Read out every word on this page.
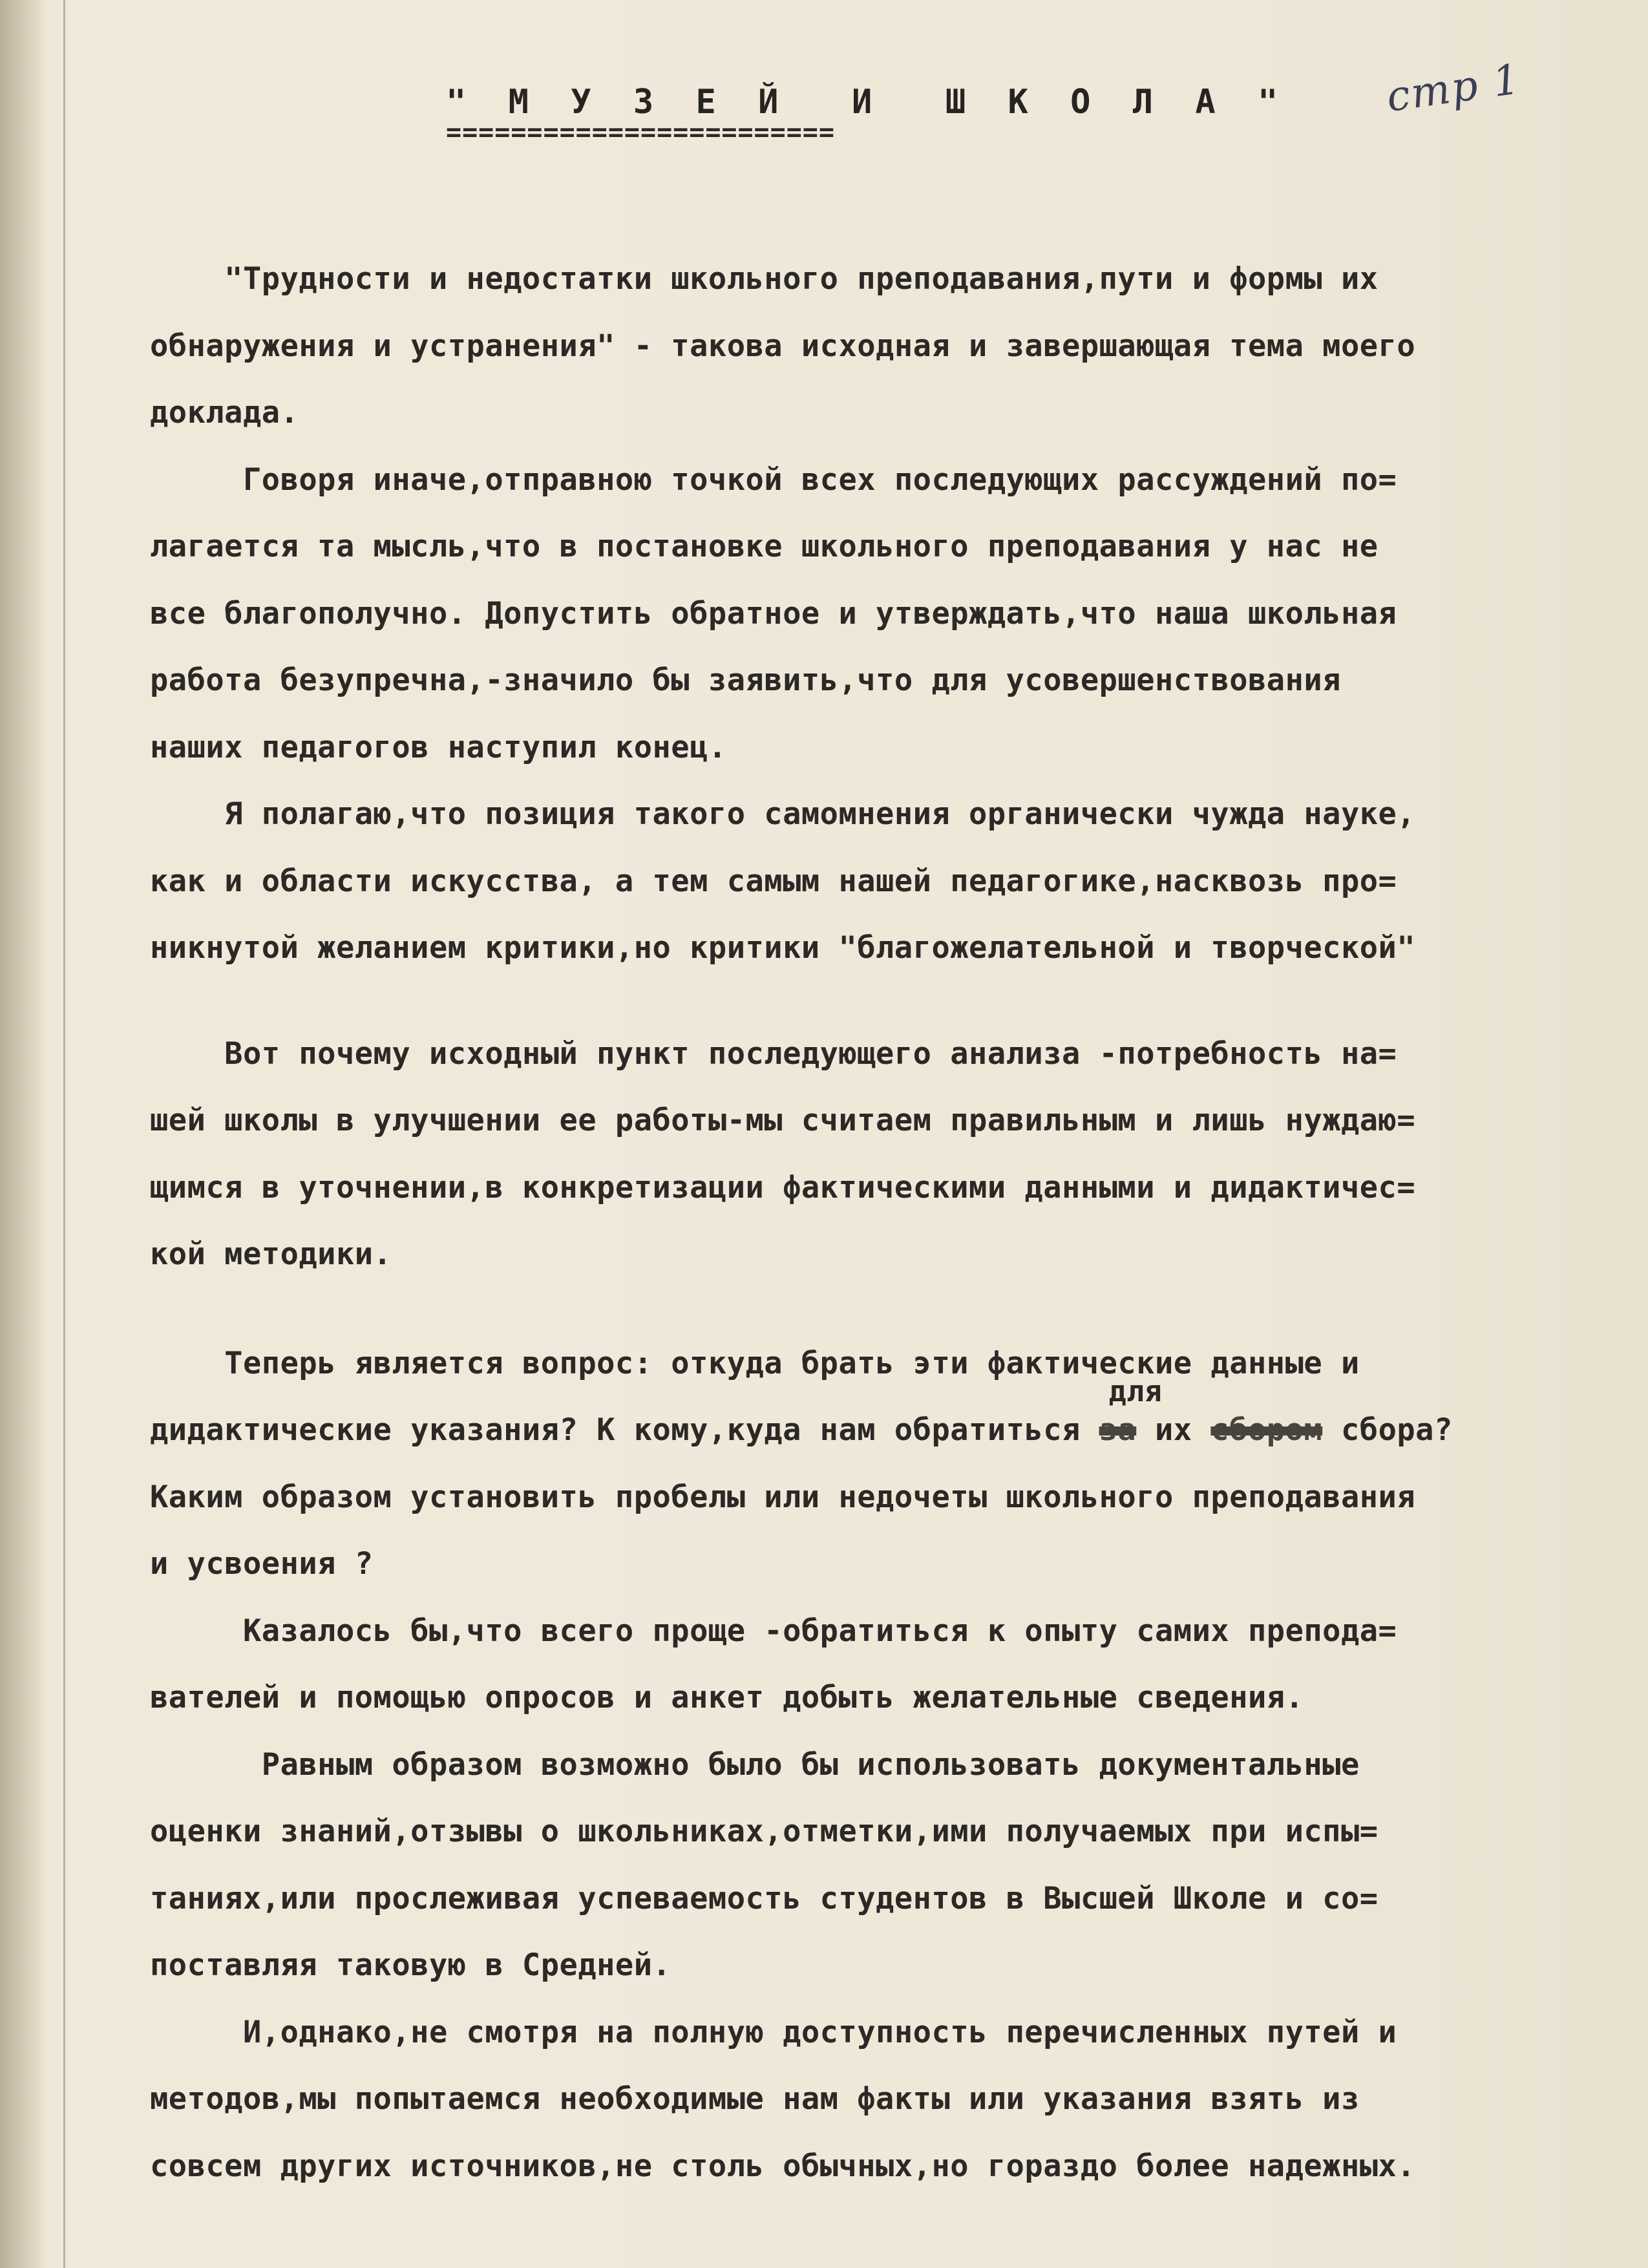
стр 1
" М У З Е Й  И  Ш К О Л А "
========================
"Трудности и недостатки школьного преподавания,пути и формы их
обнаружения и устранения" - такова исходная и завершающая тема моего
доклада.
Говоря иначе,отправною точкой всех последующих рассуждений по=
лагается та мысль,что в постановке школьного преподавания у нас не
все благополучно. Допустить обратное и утверждать,что наша школьная
работа безупречна,-значило бы заявить,что для усовершенствования
наших педагогов наступил конец.
Я полагаю,что позиция такого самомнения органически чужда науке,
как и области искусства, а тем самым нашей педагогике,насквозь про=
никнутой желанием критики,но критики "благожелательной и творческой"
Вот почему исходный пункт последующего анализа -потребность на=
шей школы в улучшении ее работы-мы считаем правильным и лишь нуждаю=
щимся в уточнении,в конкретизации фактическими данными и дидактичес=
кой методики.
Теперь является вопрос: откуда брать эти фактические данные и
дидактические указания? К кому,куда нам обратиться за
для
их сбором сбора?
Каким образом установить пробелы или недочеты школьного преподавания
и усвоения ?
Казалось бы,что всего проще -обратиться к опыту самих препода=
вателей и помощью опросов и анкет добыть желательные сведения.
Равным образом возможно было бы использовать документальные
оценки знаний,отзывы о школьниках,отметки,ими получаемых при испы=
таниях,или прослеживая успеваемость студентов в Высшей Школе и со=
поставляя таковую в Средней.
И,однако,не смотря на полную доступность перечисленных путей и
методов,мы попытаемся необходимые нам факты или указания взять из
совсем других источников,не столь обычных,но гораздо более надежных.
